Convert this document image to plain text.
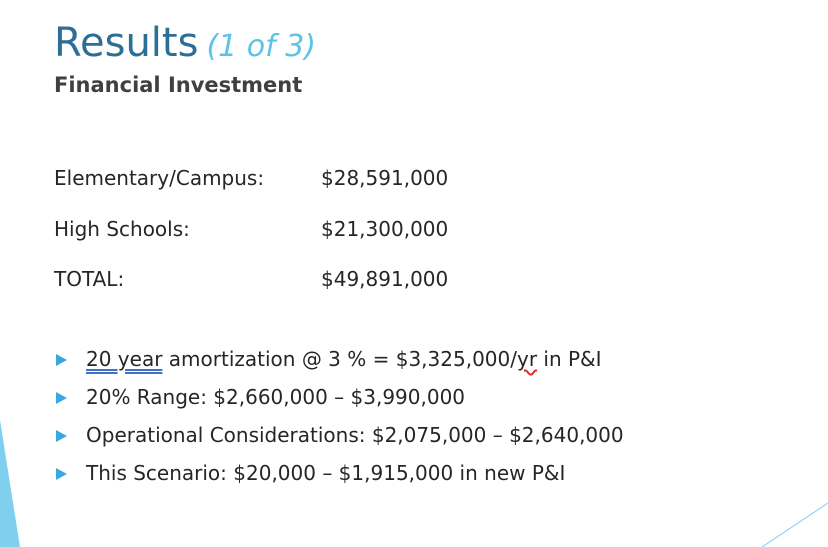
Results (1 of 3)
Financial Investment
Elementary/Campus:	$28,591,000
High Schools:	$21,300,000
TOTAL:	$49,891,000
20 year amortization @ 3 % = $3,325,000/yr in P&I
20% Range: $2,660,000 – $3,990,000
Operational Considerations: $2,075,000 – $2,640,000
This Scenario: $20,000 – $1,915,000 in new P&I
